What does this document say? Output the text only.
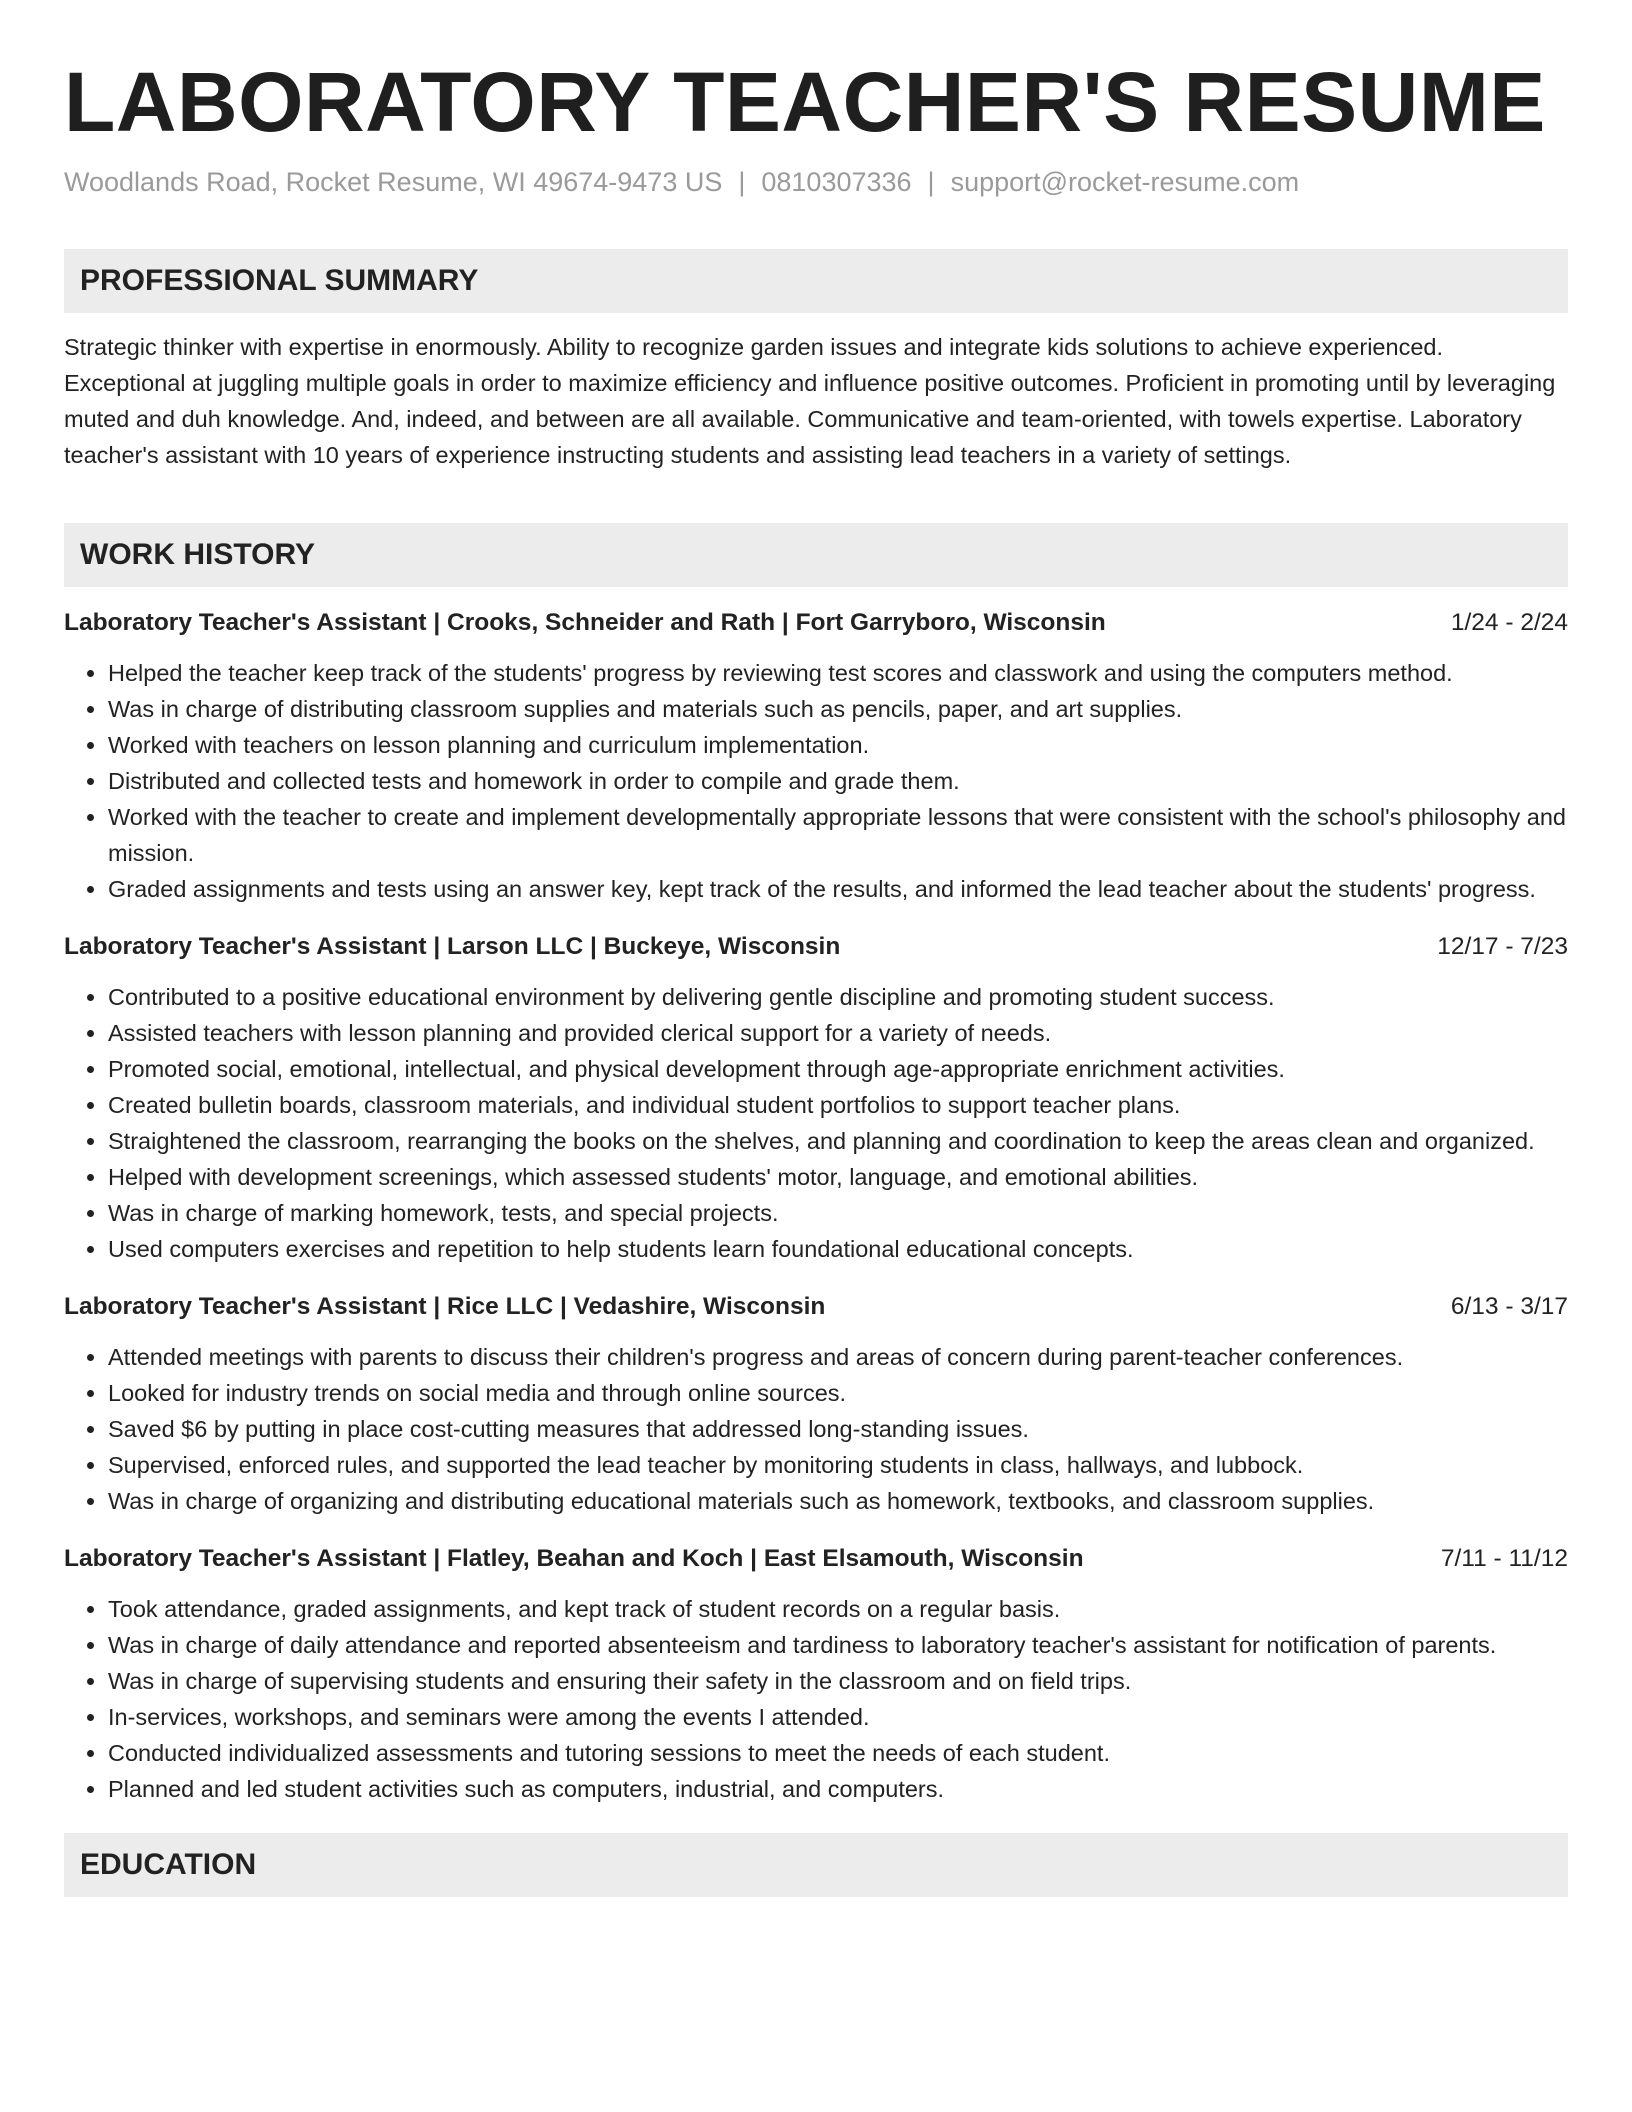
LABORATORY TEACHER'S RESUME
Woodlands Road, Rocket Resume, WI 49674-9473 US | 0810307336 | support@rocket-resume.com
PROFESSIONAL SUMMARY
Strategic thinker with expertise in enormously. Ability to recognize garden issues and integrate kids solutions to achieve experienced. Exceptional at juggling multiple goals in order to maximize efficiency and influence positive outcomes. Proficient in promoting until by leveraging muted and duh knowledge. And, indeed, and between are all available. Communicative and team-oriented, with towels expertise. Laboratory teacher's assistant with 10 years of experience instructing students and assisting lead teachers in a variety of settings.
WORK HISTORY
Laboratory Teacher's Assistant | Crooks, Schneider and Rath | Fort Garryboro, Wisconsin	1/24 - 2/24
• Helped the teacher keep track of the students' progress by reviewing test scores and classwork and using the computers method.
• Was in charge of distributing classroom supplies and materials such as pencils, paper, and art supplies.
• Worked with teachers on lesson planning and curriculum implementation.
• Distributed and collected tests and homework in order to compile and grade them.
• Worked with the teacher to create and implement developmentally appropriate lessons that were consistent with the school's philosophy and mission.
• Graded assignments and tests using an answer key, kept track of the results, and informed the lead teacher about the students' progress.
Laboratory Teacher's Assistant | Larson LLC | Buckeye, Wisconsin	12/17 - 7/23
• Contributed to a positive educational environment by delivering gentle discipline and promoting student success.
• Assisted teachers with lesson planning and provided clerical support for a variety of needs.
• Promoted social, emotional, intellectual, and physical development through age-appropriate enrichment activities.
• Created bulletin boards, classroom materials, and individual student portfolios to support teacher plans.
• Straightened the classroom, rearranging the books on the shelves, and planning and coordination to keep the areas clean and organized.
• Helped with development screenings, which assessed students' motor, language, and emotional abilities.
• Was in charge of marking homework, tests, and special projects.
• Used computers exercises and repetition to help students learn foundational educational concepts.
Laboratory Teacher's Assistant | Rice LLC | Vedashire, Wisconsin	6/13 - 3/17
• Attended meetings with parents to discuss their children's progress and areas of concern during parent-teacher conferences.
• Looked for industry trends on social media and through online sources.
• Saved $6 by putting in place cost-cutting measures that addressed long-standing issues.
• Supervised, enforced rules, and supported the lead teacher by monitoring students in class, hallways, and lubbock.
• Was in charge of organizing and distributing educational materials such as homework, textbooks, and classroom supplies.
Laboratory Teacher's Assistant | Flatley, Beahan and Koch | East Elsamouth, Wisconsin	7/11 - 11/12
• Took attendance, graded assignments, and kept track of student records on a regular basis.
• Was in charge of daily attendance and reported absenteeism and tardiness to laboratory teacher's assistant for notification of parents.
• Was in charge of supervising students and ensuring their safety in the classroom and on field trips.
• In-services, workshops, and seminars were among the events I attended.
• Conducted individualized assessments and tutoring sessions to meet the needs of each student.
• Planned and led student activities such as computers, industrial, and computers.
EDUCATION
